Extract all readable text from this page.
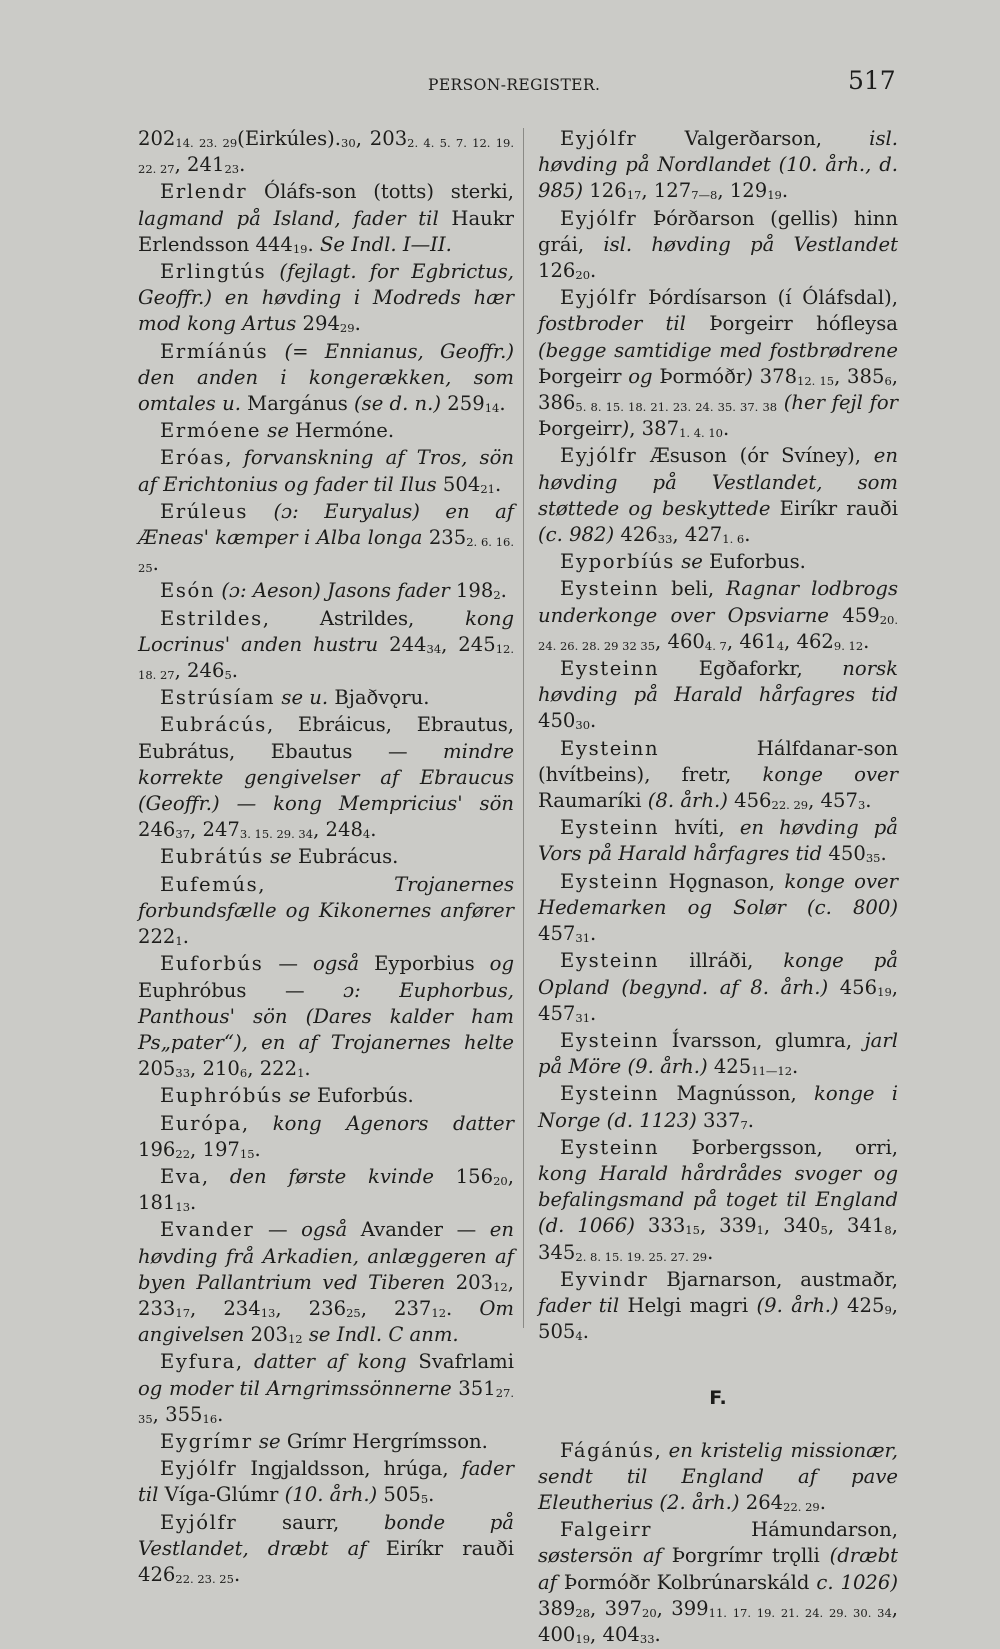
PERSON-REGISTER.	517

20214. 23. 29(Eirkúles).30, 2032. 4. 5. 7. 12. 19. 22. 27, 24123.

Erlendr Óláfs-son (totts) sterki, lagmand på Island, fader til Haukr Erlendsson 44419. Se Indl. I—II.

Erlingtús (fejlagt. for Egbrictus, Geoffr.) en høvding i Modreds hær mod kong Artus 29429.

Ermíánús (= Ennianus, Geoffr.) den anden i kongerækken, som omtales u. Margánus (se d. n.) 25914.

Ermóene se Hermóne.

Eróas, forvanskning af Tros, sön af Erichtonius og fader til Ilus 50421.

Erúleus (ɔ: Euryalus) en af Æneas' kæmper i Alba longa 2352. 6. 16. 25.

Esón (ɔ: Aeson) Jasons fader 1982.

Estrildes, Astrildes, kong Locrinus' anden hustru 24434, 24512. 18. 27, 2465.

Estrúsíam se u. Bjaðvǫru.

Eubrácús, Ebráicus, Ebrautus, Eubrátus, Ebautus — mindre korrekte gengivelser af Ebraucus (Geoffr.) — kong Mempricius' sön 24637, 2473. 15. 29. 34, 2484.

Eubrátús se Eubrácus.

Eufemús, Trojanernes forbundsfælle og Kikonernes anfører 2221.

Euforbús — også Eyporbius og Euphróbus — ɔ: Euphorbus, Panthous' sön (Dares kalder ham Ps„pater“), en af Trojanernes helte 20533, 2106, 2221.

Euphróbús se Euforbús.

Európa, kong Agenors datter 19622, 19715.

Eva, den første kvinde 15620, 18113.

Evander — også Avander — en høvding frå Arkadien, anlæggeren af byen Pallantrium ved Tiberen 20312, 23317, 23413, 23625, 23712. Om angivelsen 20312 se Indl. C anm.

Eyfura, datter af kong Svafrlami og moder til Arngrimssönnerne 35127. 35, 35516.

Eygrímr se Grímr Hergrímsson.

Eyjólfr Ingjaldsson, hrúga, fader til Víga-Glúmr (10. årh.) 5055.

Eyjólfr saurr, bonde på Vestlandet, dræbt af Eiríkr rauði 42622. 23. 25.

Eyjólfr Valgerðarson, isl. høvding på Nordlandet (10. årh., d. 985) 12617, 1277—8, 12919.

Eyjólfr Þórðarson (gellis) hinn grái, isl. høvding på Vestlandet 12620.

Eyjólfr Þórdísarson (í Óláfsdal), fostbroder til Þorgeirr hófleysa (begge samtidige med fostbrødrene Þorgeirr og Þormóðr) 37812. 15, 3856, 3865. 8. 15. 18. 21. 23. 24. 35. 37. 38 (her fejl for Þorgeirr), 3871. 4. 10.

Eyjólfr Æsuson (ór Svíney), en høvding på Vestlandet, som støttede og beskyttede Eiríkr rauði (c. 982) 42633, 4271. 6.

Eyporbíús se Euforbus.

Eysteinn beli, Ragnar lodbrogs underkonge over Opsviarne 45920. 24. 26. 28. 29 32 35, 4604. 7, 4614, 4629. 12.

Eysteinn Egðaforkr, norsk høvding på Harald hårfagres tid 45030.

Eysteinn Hálfdanar-son (hvítbeins), fretr, konge over Raumaríki (8. årh.) 45622. 29, 4573.

Eysteinn hvíti, en høvding på Vors på Harald hårfagres tid 45035.

Eysteinn Hǫgnason, konge over Hedemarken og Solør (c. 800) 45731.

Eysteinn illráði, konge på Opland (begynd. af 8. årh.) 45619, 45731.

Eysteinn Ívarsson, glumra, jarl på Möre (9. årh.) 42511—12.

Eysteinn Magnússon, konge i Norge (d. 1123) 3377.

Eysteinn Þorbergsson, orri, kong Harald hårdrådes svoger og befalingsmand på toget til England (d. 1066) 33315, 3391, 3405, 3418, 3452. 8. 15. 19. 25. 27. 29.

Eyvindr Bjarnarson, austmaðr, fader til Helgi magri (9. årh.) 4259, 5054.

F.

Fágánús, en kristelig missionær, sendt til England af pave Eleutherius (2. årh.) 26422. 29.

Falgeirr Hámundarson, søstersön af Þorgrímr trǫlli (dræbt af Þormóðr Kolbrúnarskáld c. 1026) 38928, 39720, 39911. 17. 19. 21. 24. 29. 30. 34, 40019, 40433.
